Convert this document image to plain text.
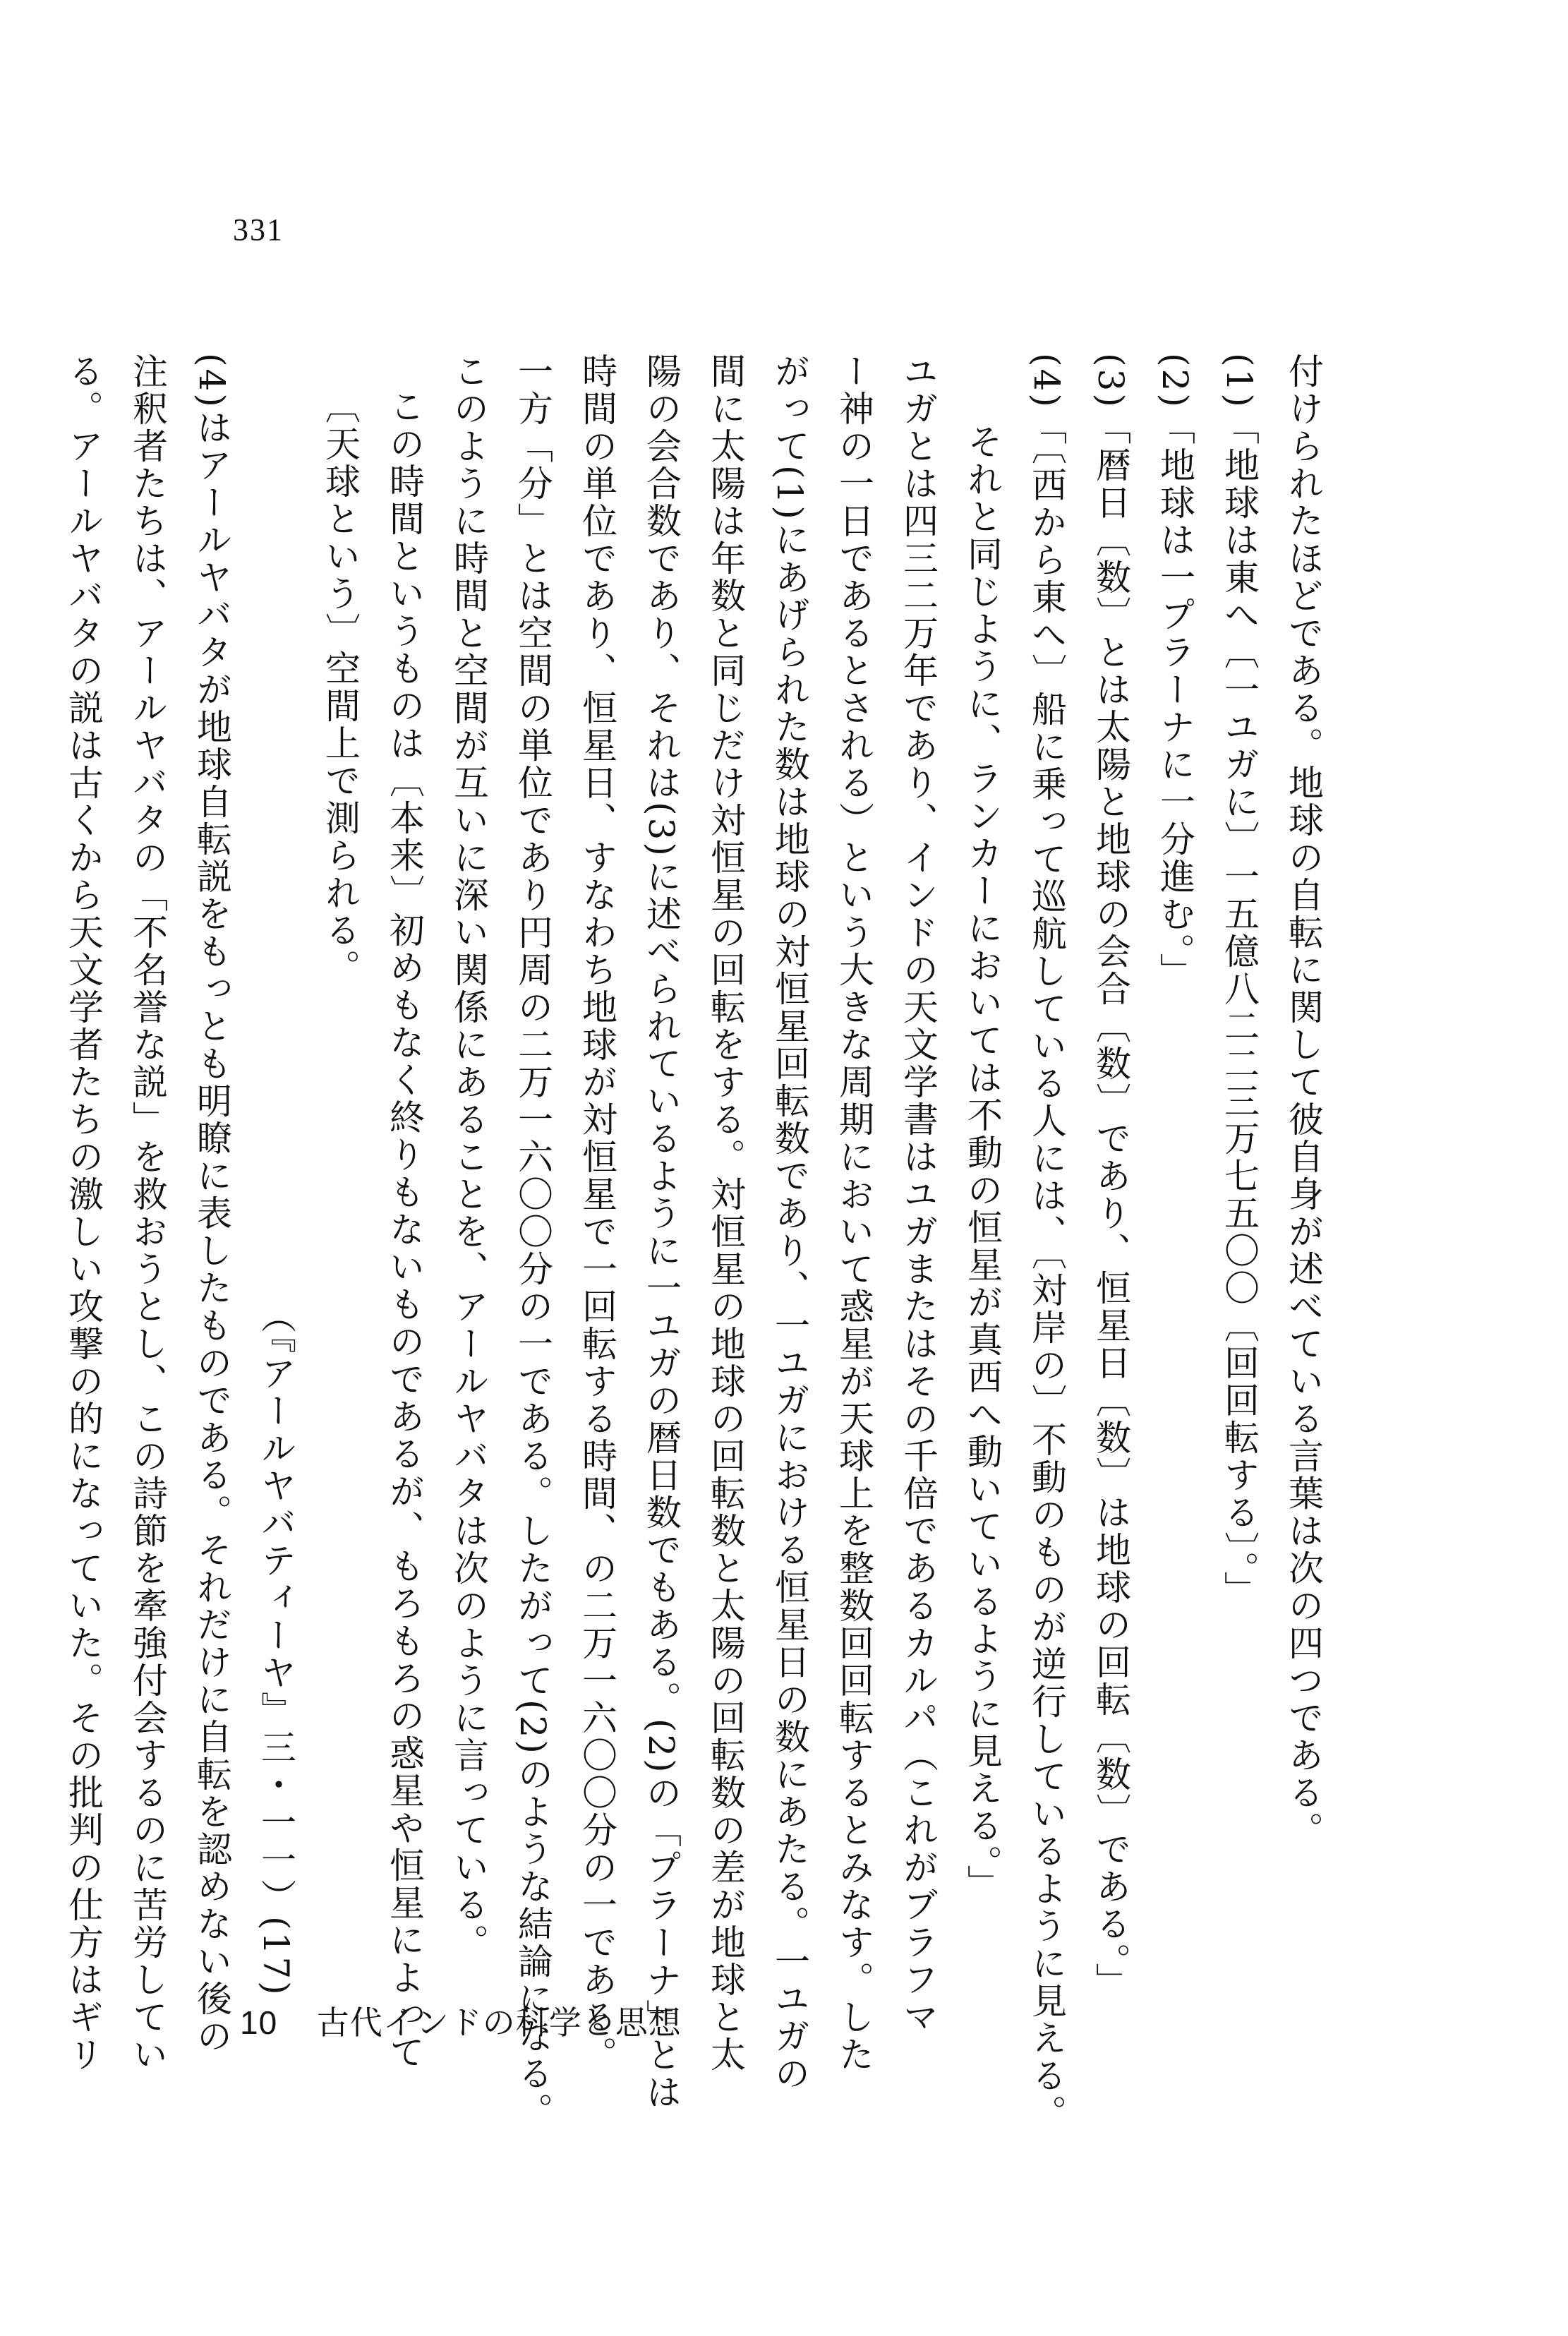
331
付けられたほどである。地球の自転に関して彼自身が述べている言葉は次の四つである。
(1)「地球は東へ〔一ユガに〕一五億八二二三万七五〇〇〔回回転する〕。」
(2)「地球は一プラーナに一分進む。」
(3)「暦日〔数〕とは太陽と地球の会合〔数〕であり、恒星日〔数〕は地球の回転〔数〕である。」
(4)「〔西から東へ〕船に乗って巡航している人には、〔対岸の〕不動のものが逆行しているように見える。
それと同じように、ランカーにおいては不動の恒星が真西へ動いているように見える。」
ユガとは四三二万年であり、インドの天文学書はユガまたはその千倍であるカルパ（これがブラフマ
ー神の一日であるとされる）という大きな周期において惑星が天球上を整数回回転するとみなす。した
がって(1)にあげられた数は地球の対恒星回転数であり、一ユガにおける恒星日の数にあたる。一ユガの
間に太陽は年数と同じだけ対恒星の回転をする。対恒星の地球の回転数と太陽の回転数の差が地球と太
陽の会合数であり、それは(3)に述べられているように一ユガの暦日数でもある。(2)の「プラーナ」とは
時間の単位であり、恒星日、すなわち地球が対恒星で一回転する時間、の二万一六〇〇分の一である。
一方「分」とは空間の単位であり円周の二万一六〇〇分の一である。したがって(2)のような結論になる。
このように時間と空間が互いに深い関係にあることを、アールヤバタは次のように言っている。
この時間というものは〔本来〕初めもなく終りもないものであるが、もろもろの惑星や恒星によって
〔天球という〕空間上で測られる。
（『アールヤバティーヤ』三・一一）(17)
(4)はアールヤバタが地球自転説をもっとも明瞭に表したものである。それだけに自転を認めない後の
注釈者たちは、アールヤバタの「不名誉な説」を救おうとし、この詩節を牽強付会するのに苦労してい
る。アールヤバタの説は古くから天文学者たちの激しい攻撃の的になっていた。その批判の仕方はギリ	10 古代インドの科学と思想
